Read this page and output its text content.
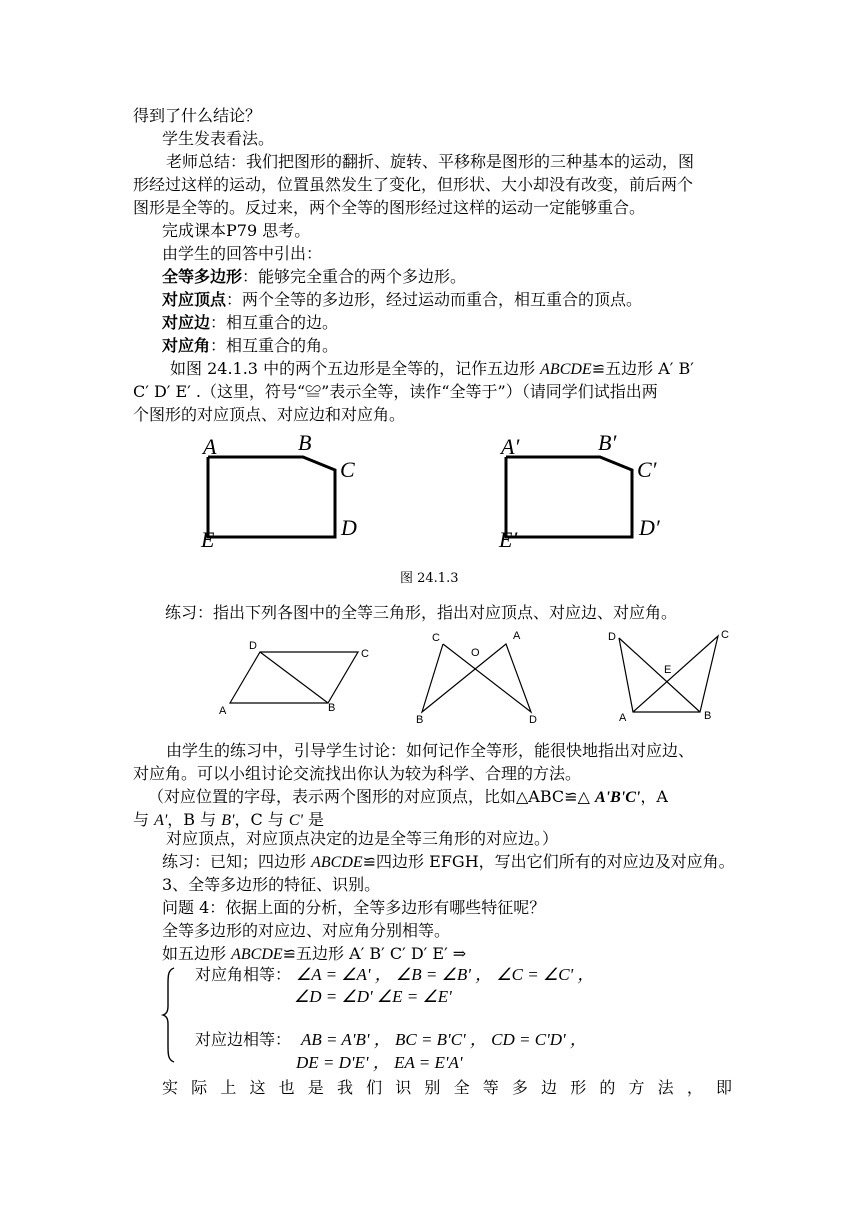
得到了什么结论？
学生发表看法。
老师总结：我们把图形的翻折、旋转、平移称是图形的三种基本的运动，图
形经过这样的运动，位置虽然发生了变化，但形状、大小却没有改变，前后两个
图形是全等的。反过来，两个全等的图形经过这样的运动一定能够重合。
完成课本P79 思考。
由学生的回答中引出：
全等多边形：能够完全重合的两个多边形。
对应顶点：两个全等的多边形，经过运动而重合，相互重合的顶点。
对应边：相互重合的边。
对应角：相互重合的角。
如图 24.1.3 中的两个五边形是全等的，记作五边形 ABCDE≌五边形 A′ B′
C′ D′ E′ .（这里，符号“≌”表示全等，读作“全等于”）（请同学们试指出两
个图形的对应顶点、对应边和对应角。
A	B
C
D
E
A′	B′
C′
D′
E′
图 24.1.3
练习：指出下列各图中的全等三角形，指出对应顶点、对应边、对应角。
D
C
A	B
C	A
O
B	D
D	C
E
A	B
由学生的练习中，引导学生讨论：如何记作全等形，能很快地指出对应边、
对应角。可以小组讨论交流找出你认为较为科学、合理的方法。
（对应位置的字母，表示两个图形的对应顶点，比如△ABC≌△ A'B'C'，A
与 A'，B 与 B'，C 与 C' 是
对应顶点，对应顶点决定的边是全等三角形的对应边。）
练习：已知；四边形 ABCDE≌四边形 EFGH，写出它们所有的对应边及对应角。
3、全等多边形的特征、识别。
问题 4：依据上面的分析，全等多边形有哪些特征呢？
全等多边形的对应边、对应角分别相等。
如五边形 ABCDE≌五边形 A′ B′ C′ D′ E′ ⇒
对应角相等： ∠A = ∠A' ， ∠B = ∠B' ， ∠C = ∠C' ，
∠D = ∠D' ∠E = ∠E'
对应边相等： AB = A'B' ， BC = B'C' ， CD = C'D' ，
DE = D'E' ， EA = E'A'
实 际 上 这 也 是 我 们 识 别 全 等 多 边 形 的 方 法 ， 即
